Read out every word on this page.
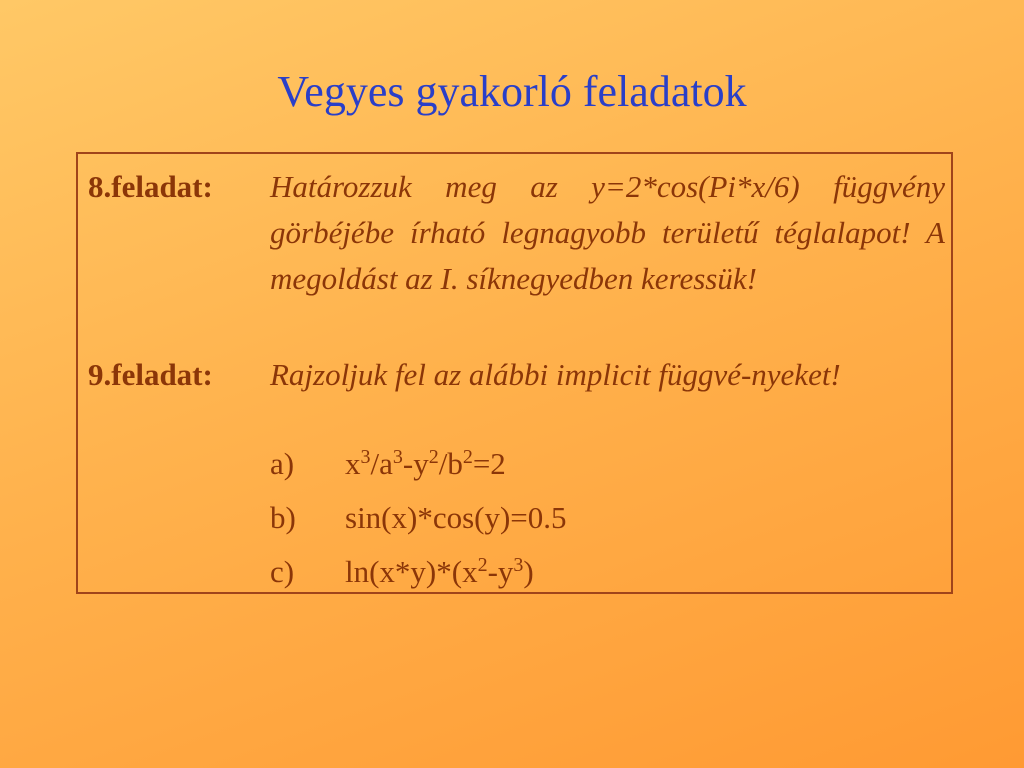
Vegyes gyakorló feladatok
8.feladat: Határozzuk meg az y=2*cos(Pi*x/6) függvény görbéjébe írható legnagyobb területű téglalapot! A megoldást az I. síknegyedben keressük!
9.feladat: Rajzoljuk fel az alábbi implicit függvé-nyeket!
a) $x^3/a^3-y^2/b^2=2$
b) sin(x)*cos(y)=0.5
c) $\ln(x*y)*(x^2-y^3)$
